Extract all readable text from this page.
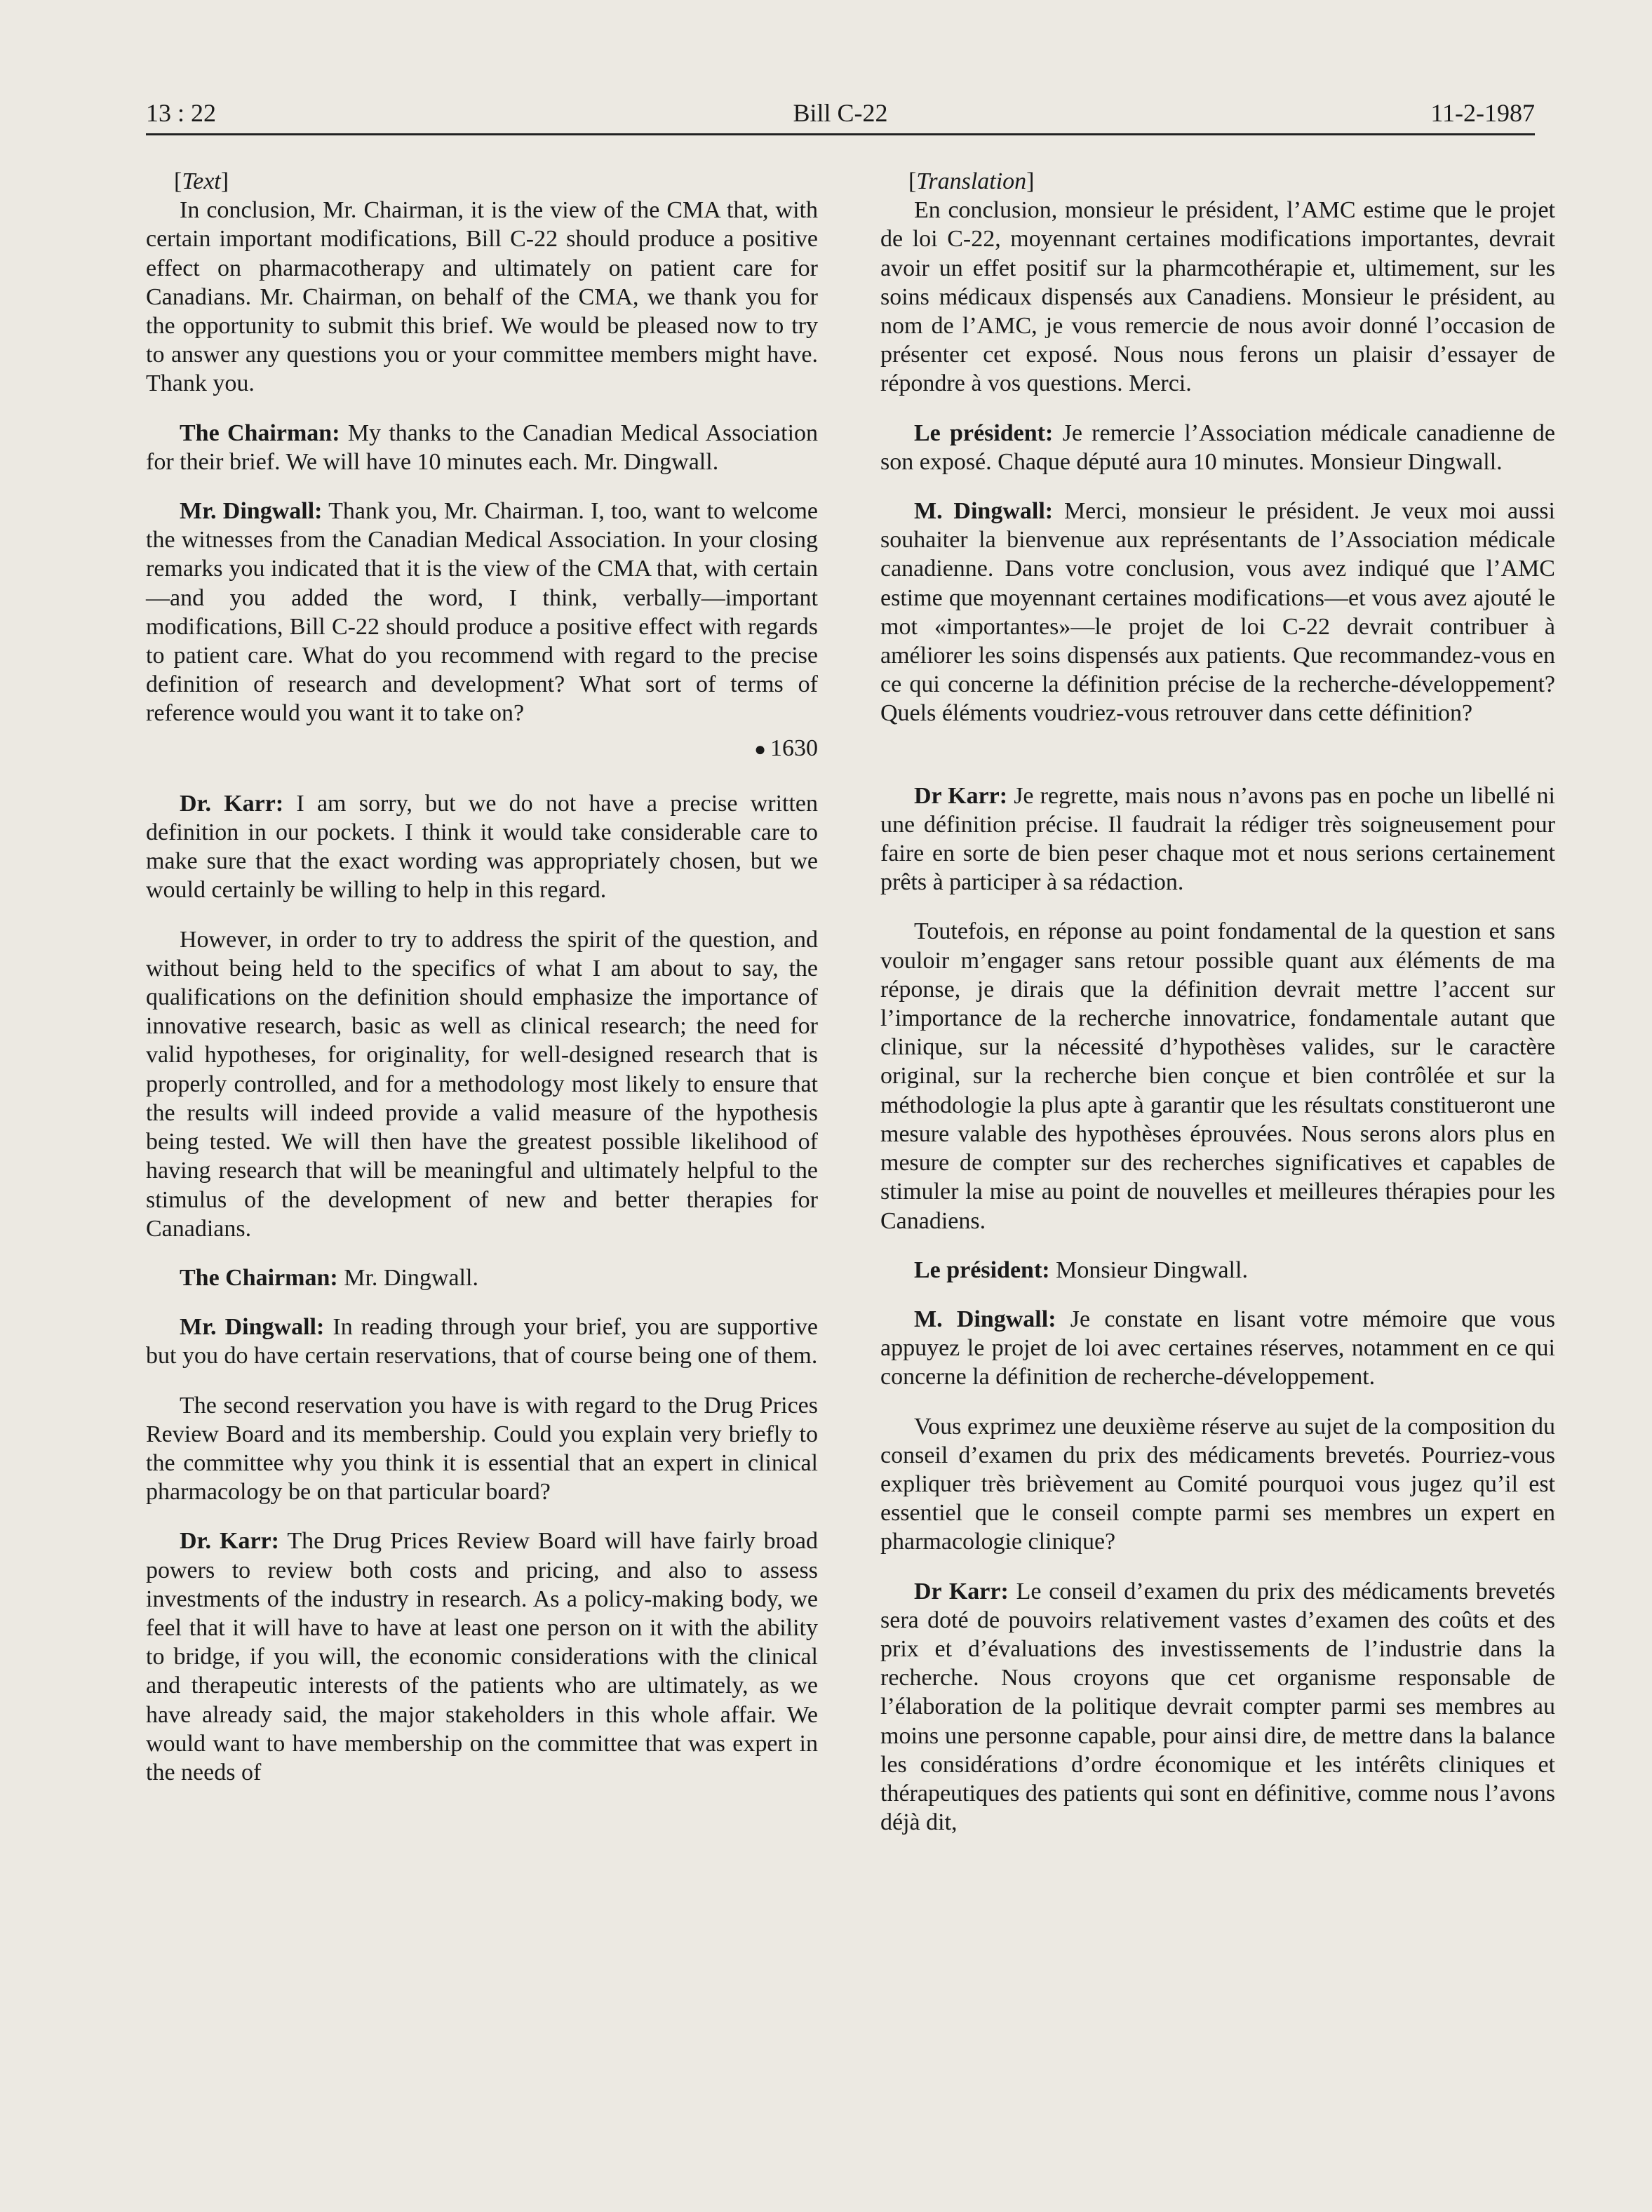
13 : 22	Bill C-22	11-2-1987

[Text]

In conclusion, Mr. Chairman, it is the view of the CMA that, with certain important modifications, Bill C-22 should produce a positive effect on pharmacotherapy and ultimately on patient care for Canadians. Mr. Chairman, on behalf of the CMA, we thank you for the opportunity to submit this brief. We would be pleased now to try to answer any questions you or your committee members might have. Thank you.

The Chairman: My thanks to the Canadian Medical Association for their brief. We will have 10 minutes each. Mr. Dingwall.

Mr. Dingwall: Thank you, Mr. Chairman. I, too, want to welcome the witnesses from the Canadian Medical Association. In your closing remarks you indicated that it is the view of the CMA that, with certain—and you added the word, I think, verbally—important modifications, Bill C-22 should produce a positive effect with regards to patient care. What do you recommend with regard to the precise definition of research and development? What sort of terms of reference would you want it to take on?

● 1630

Dr. Karr: I am sorry, but we do not have a precise written definition in our pockets. I think it would take considerable care to make sure that the exact wording was appropriately chosen, but we would certainly be willing to help in this regard.

However, in order to try to address the spirit of the question, and without being held to the specifics of what I am about to say, the qualifications on the definition should emphasize the importance of innovative research, basic as well as clinical research; the need for valid hypotheses, for originality, for well-designed research that is properly controlled, and for a methodology most likely to ensure that the results will indeed provide a valid measure of the hypothesis being tested. We will then have the greatest possible likelihood of having research that will be meaningful and ultimately helpful to the stimulus of the development of new and better therapies for Canadians.

The Chairman: Mr. Dingwall.

Mr. Dingwall: In reading through your brief, you are supportive but you do have certain reservations, that of course being one of them.

The second reservation you have is with regard to the Drug Prices Review Board and its membership. Could you explain very briefly to the committee why you think it is essential that an expert in clinical pharmacology be on that particular board?

Dr. Karr: The Drug Prices Review Board will have fairly broad powers to review both costs and pricing, and also to assess investments of the industry in research. As a policy-making body, we feel that it will have to have at least one person on it with the ability to bridge, if you will, the economic considerations with the clinical and therapeutic interests of the patients who are ultimately, as we have already said, the major stakeholders in this whole affair. We would want to have membership on the committee that was expert in the needs of

[Translation]

En conclusion, monsieur le président, l’AMC estime que le projet de loi C-22, moyennant certaines modifications importantes, devrait avoir un effet positif sur la pharmcothérapie et, ultimement, sur les soins médicaux dispensés aux Canadiens. Monsieur le président, au nom de l’AMC, je vous remercie de nous avoir donné l’occasion de présenter cet exposé. Nous nous ferons un plaisir d’essayer de répondre à vos questions. Merci.

Le président: Je remercie l’Association médicale canadienne de son exposé. Chaque député aura 10 minutes. Monsieur Dingwall.

M. Dingwall: Merci, monsieur le président. Je veux moi aussi souhaiter la bienvenue aux représentants de l’Association médicale canadienne. Dans votre conclusion, vous avez indiqué que l’AMC estime que moyennant certaines modifications—et vous avez ajouté le mot «importantes»—le projet de loi C-22 devrait contribuer à améliorer les soins dispensés aux patients. Que recommandez-vous en ce qui concerne la définition précise de la recherche-développement? Quels éléments voudriez-vous retrouver dans cette définition?

Dr Karr: Je regrette, mais nous n’avons pas en poche un libellé ni une définition précise. Il faudrait la rédiger très soigneusement pour faire en sorte de bien peser chaque mot et nous serions certainement prêts à participer à sa rédaction.

Toutefois, en réponse au point fondamental de la question et sans vouloir m’engager sans retour possible quant aux éléments de ma réponse, je dirais que la définition devrait mettre l’accent sur l’importance de la recherche innovatrice, fondamentale autant que clinique, sur la nécessité d’hypothèses valides, sur le caractère original, sur la recherche bien conçue et bien contrôlée et sur la méthodologie la plus apte à garantir que les résultats constitueront une mesure valable des hypothèses éprouvées. Nous serons alors plus en mesure de compter sur des recherches significatives et capables de stimuler la mise au point de nouvelles et meilleures thérapies pour les Canadiens.

Le président: Monsieur Dingwall.

M. Dingwall: Je constate en lisant votre mémoire que vous appuyez le projet de loi avec certaines réserves, notamment en ce qui concerne la définition de recherche-développement.

Vous exprimez une deuxième réserve au sujet de la composition du conseil d’examen du prix des médicaments brevetés. Pourriez-vous expliquer très brièvement au Comité pourquoi vous jugez qu’il est essentiel que le conseil compte parmi ses membres un expert en pharmacologie clinique?

Dr Karr: Le conseil d’examen du prix des médicaments brevetés sera doté de pouvoirs relativement vastes d’examen des coûts et des prix et d’évaluations des investissements de l’industrie dans la recherche. Nous croyons que cet organisme responsable de l’élaboration de la politique devrait compter parmi ses membres au moins une personne capable, pour ainsi dire, de mettre dans la balance les considérations d’ordre économique et les intérêts cliniques et thérapeutiques des patients qui sont en définitive, comme nous l’avons déjà dit,
